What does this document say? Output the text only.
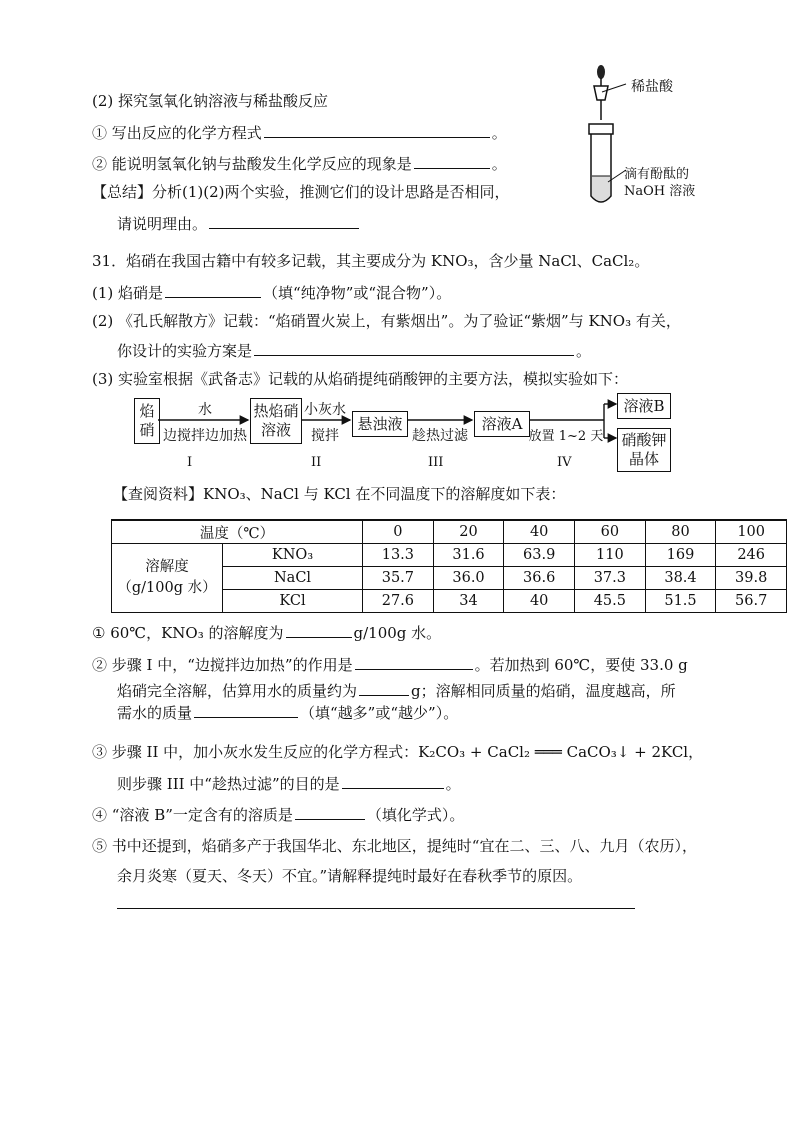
(2) 探究氢氧化钠溶液与稀盐酸反应
① 写出反应的化学方程式	。
② 能说明氢氧化钠与盐酸发生化学反应的现象是	。
【总结】分析(1)(2)两个实验，推测它们的设计思路是否相同，
请说明理由。
稀盐酸
滴有酚酞的
NaOH 溶液
31．焰硝在我国古籍中有较多记载，其主要成分为 KNO₃，含少量 NaCl、CaCl₂。
(1) 焰硝是	（填“纯净物”或“混合物”）。
(2) 《孔氏解散方》记载：“焰硝置火炭上，有紫烟出”。为了验证“紫烟”与 KNO₃ 有关，
你设计的实验方案是	。
(3) 实验室根据《武备志》记载的从焰硝提纯硝酸钾的主要方法，模拟实验如下：
焰
硝
水
边搅拌边加热
热焰硝
溶液
小灰水
搅拌
悬浊液
趁热过滤
溶液A
放置 1~2 天
溶液B
硝酸钾
晶体
I	II	III	IV
【查阅资料】KNO₃、NaCl 与 KCl 在不同温度下的溶解度如下表：
温度（℃）		0	20	40	60	80	100

溶解度
（g/100g 水）	KNO₃	13.3	31.6	63.9	110	169	246
	NaCl	35.7	36.0	36.6	37.3	38.4	39.8
	KCl	27.6	34	40	45.5	51.5	56.7
① 60℃，KNO₃ 的溶解度为	g/100g 水。
② 步骤 I 中，“边搅拌边加热”的作用是	。若加热到 60℃，要使 33.0 g
焰硝完全溶解，估算用水的质量约为	g；溶解相同质量的焰硝，温度越高，所
需水的质量	（填“越多”或“越少”）。
③ 步骤 II 中，加小灰水发生反应的化学方程式：K₂CO₃ + CaCl₂ ═══ CaCO₃↓ + 2KCl，
则步骤 III 中“趁热过滤”的目的是	。
④ “溶液 B”一定含有的溶质是	（填化学式）。
⑤ 书中还提到，焰硝多产于我国华北、东北地区，提纯时“宜在二、三、八、九月（农历），
余月炎寒（夏天、冬天）不宜。”请解释提纯时最好在春秋季节的原因。
